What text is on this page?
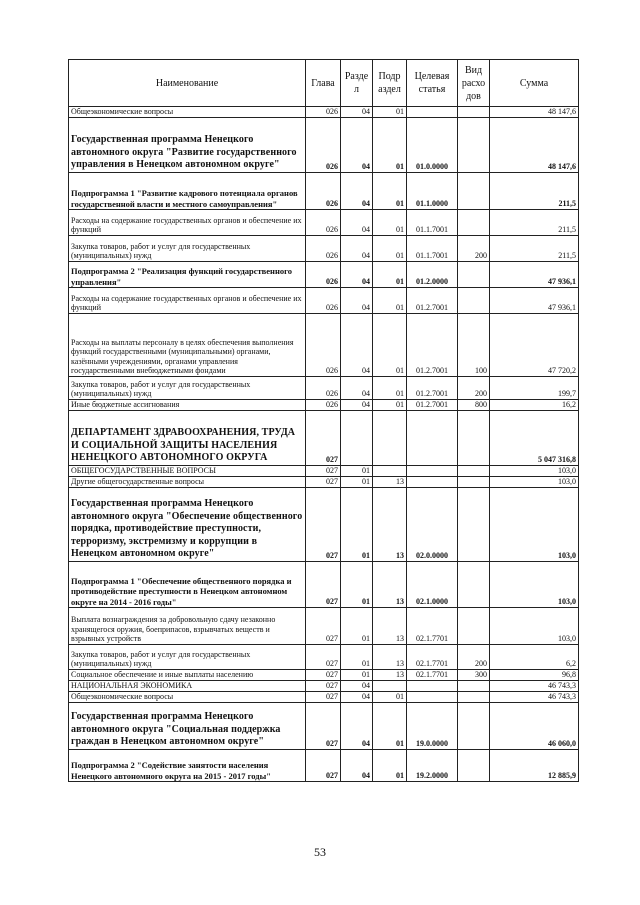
Наименование	Глава	Разде л	Подр аздел	Целевая статья	Вид расхо дов	Сумма
Общеэкономические вопросы	026	04	01			48 147,6
Государственная программа Ненецкого автономного округа "Развитие государственного управления в Ненецком автономном округе"	026	04	01	01.0.0000		48 147,6
Подпрограмма 1 "Развитие кадрового потенциала органов государственной власти и местного самоуправления"	026	04	01	01.1.0000		211,5
Расходы на содержание государственных органов и обеспечение их функций	026	04	01	01.1.7001		211,5
Закупка товаров, работ и услуг для государственных (муниципальных) нужд	026	04	01	01.1.7001	200	211,5
Подпрограмма 2 "Реализация функций государственного управления"	026	04	01	01.2.0000		47 936,1
Расходы на содержание государственных органов и обеспечение их функций	026	04	01	01.2.7001		47 936,1
Расходы на выплаты персоналу в целях обеспечения выполнения функций государственными (муниципальными) органами, казёнными учреждениями, органами управления государственными внебюджетными фондами	026	04	01	01.2.7001	100	47 720,2
Закупка товаров, работ и услуг для государственных (муниципальных) нужд	026	04	01	01.2.7001	200	199,7
Иные бюджетные ассигнования	026	04	01	01.2.7001	800	16,2
ДЕПАРТАМЕНТ ЗДРАВООХРАНЕНИЯ, ТРУДА И СОЦИАЛЬНОЙ ЗАЩИТЫ НАСЕЛЕНИЯ НЕНЕЦКОГО АВТОНОМНОГО ОКРУГА	027					5 047 316,8
ОБЩЕГОСУДАРСТВЕННЫЕ ВОПРОСЫ	027	01				103,0
Другие общегосударственные вопросы	027	01	13			103,0
Государственная программа Ненецкого автономного округа "Обеспечение общественного порядка, противодействие преступности, терроризму, экстремизму и коррупции в Ненецком автономном округе"	027	01	13	02.0.0000		103,0
Подпрограмма 1 "Обеспечение общественного порядка и противодействие преступности в Ненецком автономном округе на 2014 - 2016 годы"	027	01	13	02.1.0000		103,0
Выплата вознаграждения за добровольную сдачу незаконно хранящегося оружия, боеприпасов, взрывчатых веществ и взрывных устройств	027	01	13	02.1.7701		103,0
Закупка товаров, работ и услуг для государственных (муниципальных) нужд	027	01	13	02.1.7701	200	6,2
Социальное обеспечение и иные выплаты населению	027	01	13	02.1.7701	300	96,8
НАЦИОНАЛЬНАЯ ЭКОНОМИКА	027	04				46 743,3
Общеэкономические вопросы	027	04	01			46 743,3
Государственная программа Ненецкого автономного округа "Социальная поддержка граждан в Ненецком автономном округе"	027	04	01	19.0.0000		46 060,0
Подпрограмма 2 "Содействие занятости населения Ненецкого автономного округа на 2015 - 2017 годы"	027	04	01	19.2.0000		12 885,9
53
